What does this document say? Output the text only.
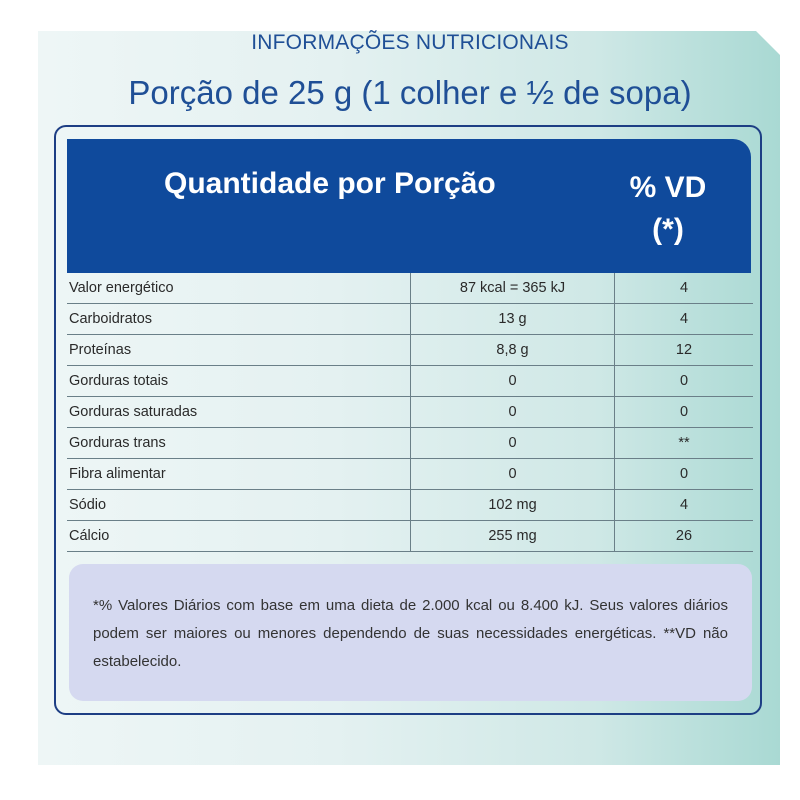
INFORMAÇÕES NUTRICIONAIS
Porção de 25 g (1 colher e ½ de sopa)
Quantidade por Porção	% VD
(*)
Valor energético	87 kcal = 365 kJ	4
Carboidratos	13 g	4
Proteínas	8,8 g	12
Gorduras totais	0	0
Gorduras saturadas	0	0
Gorduras trans	0	**
Fibra alimentar	0	0
Sódio	102 mg	4
Cálcio	255 mg	26

*% Valores Diários com base em uma dieta de 2.000 kcal ou 8.400 kJ. Seus valores diários podem ser maiores ou menores dependendo de suas necessidades energéticas. **VD não estabelecido.
